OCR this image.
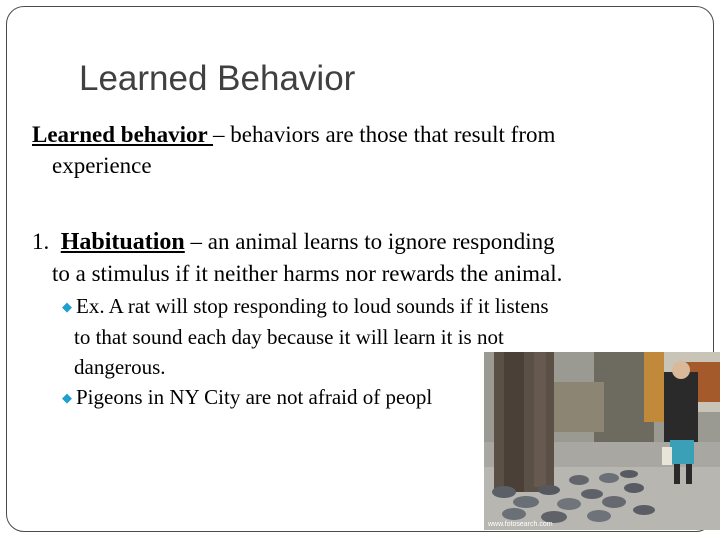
Learned Behavior
Learned behavior – behaviors are those that result from
experience
1.  Habituation – an animal learns to ignore responding
to a stimulus if it neither harms nor rewards the animal.
◆ Ex. A rat will stop responding to loud sounds if it listens
to that sound each day because it will learn it is not
dangerous.
◆ Pigeons in NY City are not afraid of peopl
www.fotosearch.com
